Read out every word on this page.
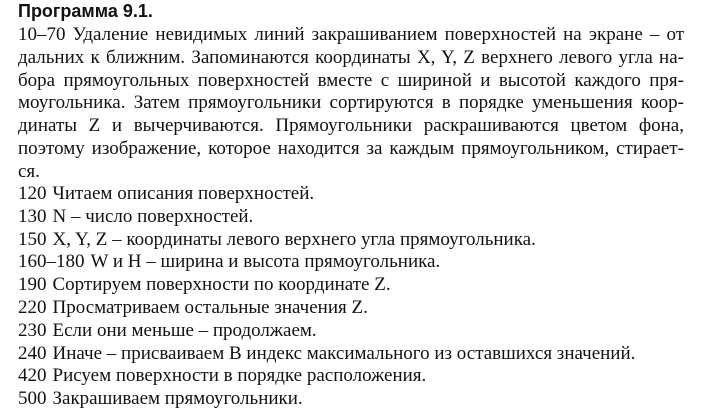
Программа 9.1.
10–70 Удаление невидимых линий закрашиванием поверхностей на экране – от
дальних к ближним. Запоминаются координаты X, Y, Z верхнего левого угла на-
бора прямоугольных поверхностей вместе с шириной и высотой каждого пря-
моугольника. Затем прямоугольники сортируются в порядке уменьшения коор-
динаты Z и вычерчиваются. Прямоугольники раскрашиваются цветом фона,
поэтому изображение, которое находится за каждым прямоугольником, стирает-
ся.
120 Читаем описания поверхностей.
130 N – число поверхностей.
150 X, Y, Z – координаты левого верхнего угла прямоугольника.
160–180 W и H – ширина и высота прямоугольника.
190 Сортируем поверхности по координате Z.
220 Просматриваем остальные значения Z.
230 Если они меньше – продолжаем.
240 Иначе – присваиваем B индекс максимального из оставшихся значений.
420 Рисуем поверхности в порядке расположения.
500 Закрашиваем прямоугольники.
